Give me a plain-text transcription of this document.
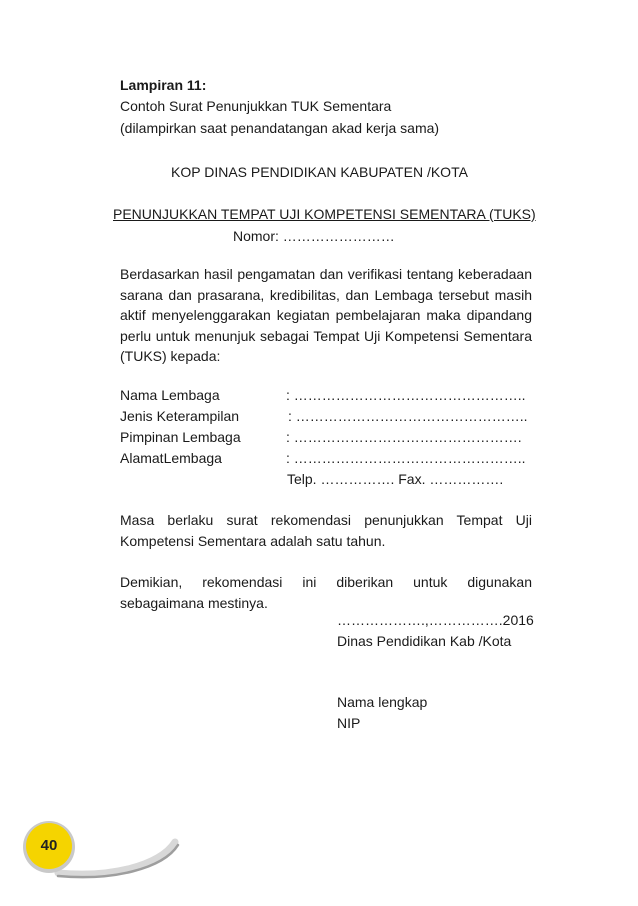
40
Lampiran 11:
Contoh Surat Penunjukkan TUK Sementara
(dilampirkan saat penandatangan akad kerja sama)
KOP DINAS PENDIDIKAN KABUPATEN /KOTA
PENUNJUKKAN TEMPAT UJI KOMPETENSI SEMENTARA (TUKS)
Nomor: ……………………
Berdasarkan hasil pengamatan dan verifikasi tentang keberadaan sarana dan prasarana, kredibilitas, dan Lembaga tersebut masih aktif menyelenggarakan kegiatan pembelajaran maka dipandang perlu untuk menunjuk sebagai Tempat Uji Kompetensi Sementara (TUKS) kepada:
Nama Lembaga	: …………………………………………..
Jenis Keterampilan	: …………………………………………..
Pimpinan Lembaga	: ………………………………………….
AlamatLembaga	: …………………………………………..
Telp. ……………. Fax. …………….
Masa berlaku surat rekomendasi penunjukkan Tempat Uji Kompetensi Sementara adalah satu tahun.
Demikian, rekomendasi ini diberikan untuk digunakan sebagaimana mestinya.
……………….,…………….2016
Dinas Pendidikan Kab /Kota
Nama lengkap
NIP
